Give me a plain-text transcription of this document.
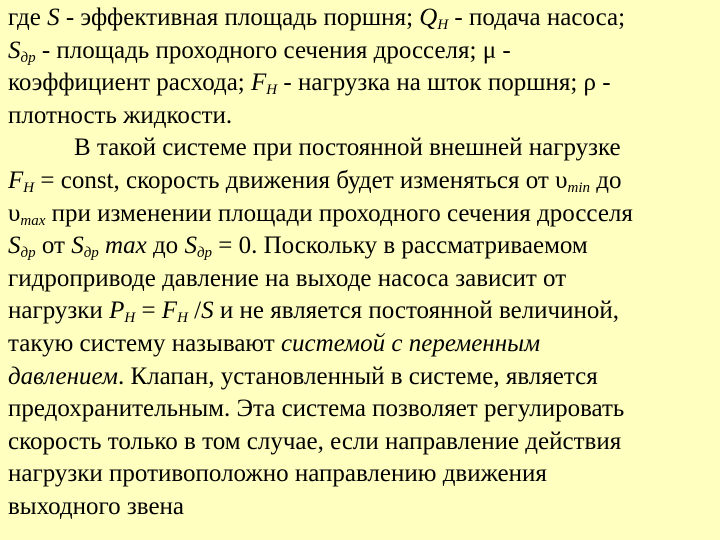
где S - эффективная площадь поршня; $Q_Н$ - подача насоса;
$S_{др}$ - площадь проходного сечения дросселя; μ -
коэффициент расхода; $F_Н$ - нагрузка на шток поршня; ρ -
плотность жидкости.
В такой системе при постоянной внешней нагрузке
$F_Н$ = const, скорость движения будет изменяться от $\upsilon_{min}$ до
$\upsilon_{max}$ при изменении площади проходного сечения дросселя
$S_{др}$ от $S_{др}$ max до $S_{др} = 0$. Поскольку в рассматриваемом
гидроприводе давление на выходе насоса зависит от
нагрузки $P_Н = F_Н$ /S и не является постоянной величиной,
такую систему называют системой с переменным
давлением. Клапан, установленный в системе, является
предохранительным. Эта система позволяет регулировать
скорость только в том случае, если направление действия
нагрузки противоположно направлению движения
выходного звена
